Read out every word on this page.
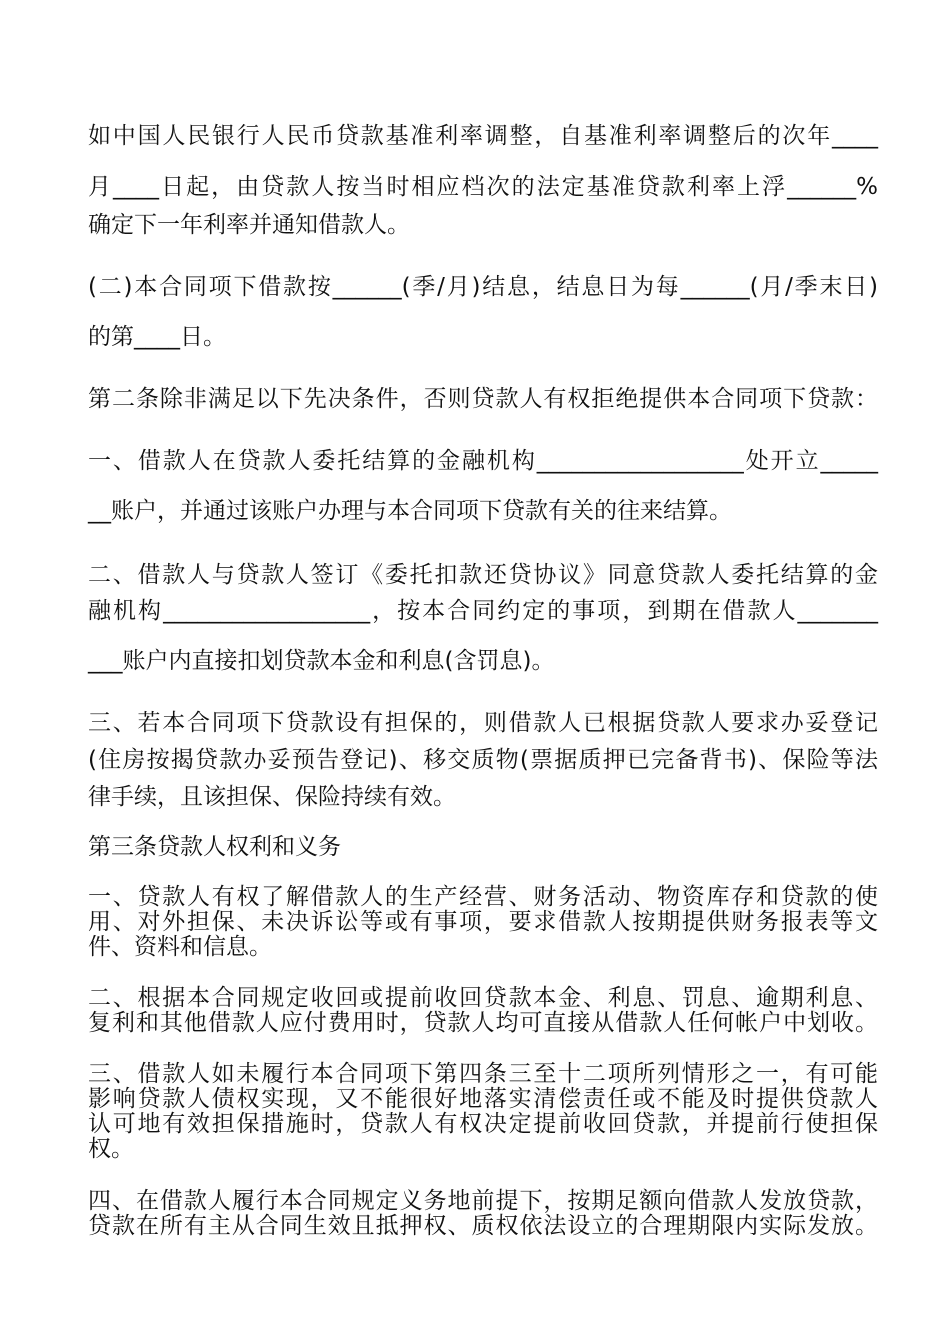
如中国人民银行人民币贷款基准利率调整，自基准利率调整后的次年____
月____日起，由贷款人按当时相应档次的法定基准贷款利率上浮______%
确定下一年利率并通知借款人。
(二)本合同项下借款按______(季/月)结息，结息日为每______(月/季末日)
的第____日。
第二条除非满足以下先决条件，否则贷款人有权拒绝提供本合同项下贷款：
一、借款人在贷款人委托结算的金融机构__________________处开立_____
__账户，并通过该账户办理与本合同项下贷款有关的往来结算。
二、借款人与贷款人签订《委托扣款还贷协议》同意贷款人委托结算的金
融机构__________________，按本合同约定的事项，到期在借款人_______
___账户内直接扣划贷款本金和利息(含罚息)。
三、若本合同项下贷款设有担保的，则借款人已根据贷款人要求办妥登记
(住房按揭贷款办妥预告登记)、移交质物(票据质押已完备背书)、保险等法
律手续，且该担保、保险持续有效。
第三条贷款人权利和义务
一、贷款人有权了解借款人的生产经营、财务活动、物资库存和贷款的使
用、对外担保、未决诉讼等或有事项，要求借款人按期提供财务报表等文
件、资料和信息。
二、根据本合同规定收回或提前收回贷款本金、利息、罚息、逾期利息、
复利和其他借款人应付费用时，贷款人均可直接从借款人任何帐户中划收。
三、借款人如未履行本合同项下第四条三至十二项所列情形之一，有可能
影响贷款人债权实现，又不能很好地落实清偿责任或不能及时提供贷款人
认可地有效担保措施时，贷款人有权决定提前收回贷款，并提前行使担保
权。
四、在借款人履行本合同规定义务地前提下，按期足额向借款人发放贷款，
贷款在所有主从合同生效且抵押权、质权依法设立的合理期限内实际发放。
